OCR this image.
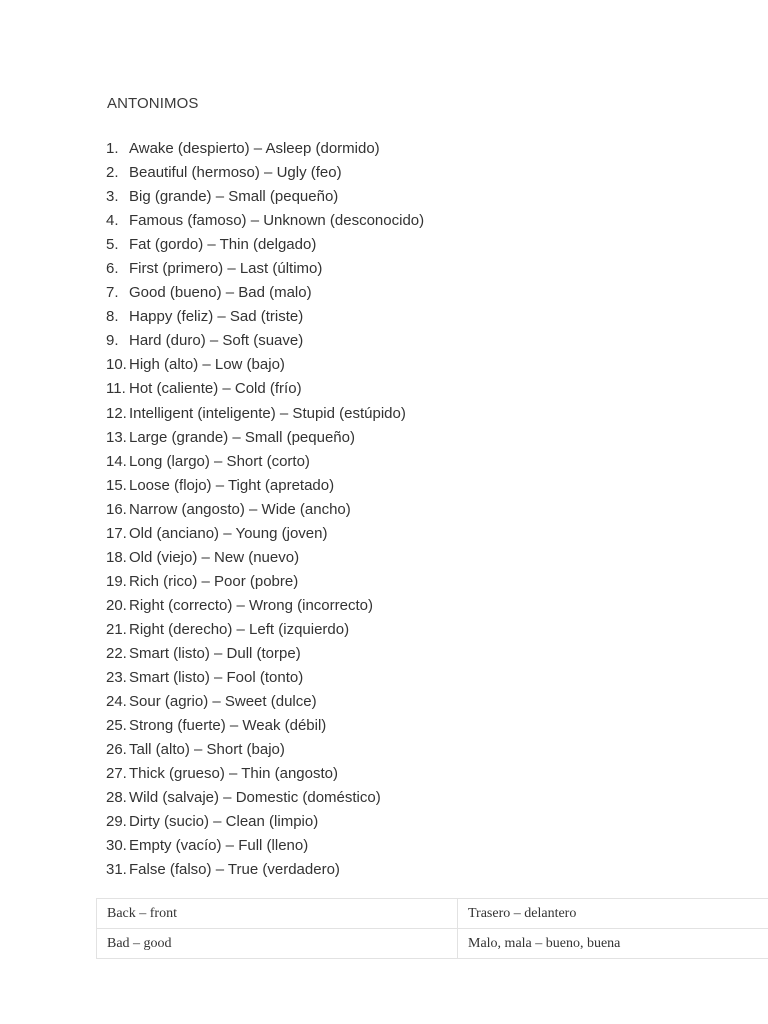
ANTONIMOS
1. Awake (despierto) – Asleep (dormido)
2. Beautiful (hermoso) – Ugly (feo)
3. Big (grande) – Small (pequeño)
4. Famous (famoso) – Unknown (desconocido)
5. Fat (gordo) – Thin (delgado)
6. First (primero) – Last (último)
7. Good (bueno) – Bad (malo)
8. Happy (feliz) – Sad (triste)
9. Hard (duro) – Soft (suave)
10. High (alto) – Low (bajo)
11. Hot (caliente) – Cold (frío)
12. Intelligent (inteligente) – Stupid (estúpido)
13. Large (grande) – Small (pequeño)
14. Long (largo) – Short (corto)
15. Loose (flojo) – Tight (apretado)
16. Narrow (angosto) – Wide (ancho)
17. Old (anciano) – Young (joven)
18. Old (viejo) – New (nuevo)
19. Rich (rico) – Poor (pobre)
20. Right (correcto) – Wrong (incorrecto)
21. Right (derecho) – Left (izquierdo)
22. Smart (listo) – Dull (torpe)
23. Smart (listo) – Fool (tonto)
24. Sour (agrio) – Sweet (dulce)
25. Strong (fuerte) – Weak (débil)
26. Tall (alto) – Short (bajo)
27. Thick (grueso) – Thin (angosto)
28. Wild (salvaje) – Domestic (doméstico)
29. Dirty (sucio) – Clean (limpio)
30. Empty (vacío) – Full (lleno)
31. False (falso) – True (verdadero)
Back – front	Trasero – delantero
Bad – good	Malo, mala – bueno, buena
